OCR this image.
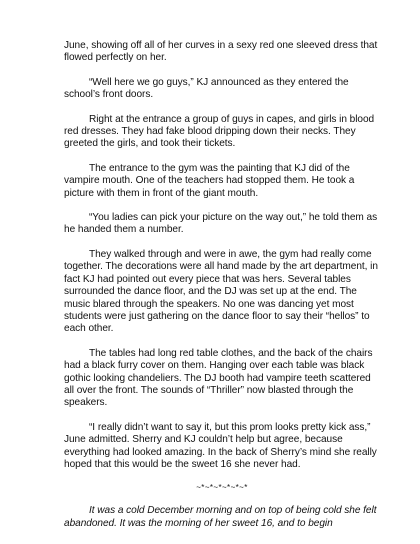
June, showing off all of her curves in a sexy red one sleeved dress that flowed perfectly on her.

“Well here we go guys,” KJ announced as they entered the school’s front doors.

Right at the entrance a group of guys in capes, and girls in blood red dresses. They had fake blood dripping down their necks. They greeted the girls, and took their tickets.

The entrance to the gym was the painting that KJ did of the vampire mouth. One of the teachers had stopped them. He took a picture with them in front of the giant mouth.

“You ladies can pick your picture on the way out,” he told them as he handed them a number.

They walked through and were in awe, the gym had really come together. The decorations were all hand made by the art department, in fact KJ had pointed out every piece that was hers. Several tables surrounded the dance floor, and the DJ was set up at the end. The music blared through the speakers. No one was dancing yet most students were just gathering on the dance floor to say their “hellos” to each other.

The tables had long red table clothes, and the back of the chairs had a black furry cover on them. Hanging over each table was black gothic looking chandeliers. The DJ booth had vampire teeth scattered all over the front. The sounds of “Thriller” now blasted through the speakers.

“I really didn’t want to say it, but this prom looks pretty kick ass,” June admitted. Sherry and KJ couldn’t help but agree, because everything had looked amazing. In the back of Sherry’s mind she really hoped that this would be the sweet 16 she never had.

~*~*~*~*~*~*

It was a cold December morning and on top of being cold she felt abandoned. It was the morning of her sweet 16, and to begin
